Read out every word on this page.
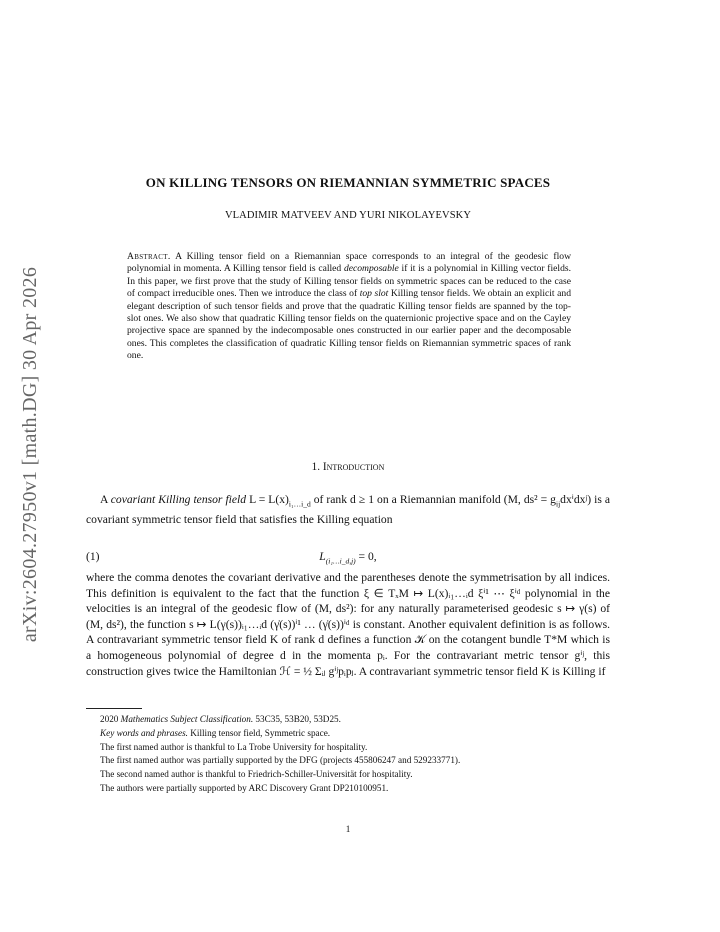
arXiv:2604.27950v1 [math.DG] 30 Apr 2026
ON KILLING TENSORS ON RIEMANNIAN SYMMETRIC SPACES
VLADIMIR MATVEEV AND YURI NIKOLAYEVSKY
Abstract. A Killing tensor field on a Riemannian space corresponds to an integral of the geodesic flow polynomial in momenta. A Killing tensor field is called decomposable if it is a polynomial in Killing vector fields. In this paper, we first prove that the study of Killing tensor fields on symmetric spaces can be reduced to the case of compact irreducible ones. Then we introduce the class of top slot Killing tensor fields. We obtain an explicit and elegant description of such tensor fields and prove that the quadratic Killing tensor fields are spanned by the top-slot ones. We also show that quadratic Killing tensor fields on the quaternionic projective space and on the Cayley projective space are spanned by the indecomposable ones constructed in our earlier paper and the decomposable ones. This completes the classification of quadratic Killing tensor fields on Riemannian symmetric spaces of rank one.
1. Introduction
A covariant Killing tensor field $L = L(x)_{i_1\dots i\_d}$ of rank d ≥ 1 on a Riemannian manifold (M, $ds^2 = g_{ij}dx^idxʲ$) is a covariant symmetric tensor field that satisfies the Killing equation
(1)	$L_{(i_1\dots i\_d,j)} = 0$,
where the comma denotes the covariant derivative and the parentheses denote the symmetrisation by all indices. This definition is equivalent to the fact that the function ξ ∈ TₓM ↦ L(x)ᵢ₁…ᵢd ξⁱ¹ ⋯ ξⁱᵈ polynomial in the velocities is an integral of the geodesic flow of (M, ds²): for any naturally parameterised geodesic s ↦ γ(s) of (M, ds²), the function s ↦ L(γ(s))ᵢ₁…ᵢd (γ̇(s))ⁱ¹ … (γ̇(s))ⁱᵈ is constant. Another equivalent definition is as follows. A contravariant symmetric tensor field K of rank d defines a function 𝒦 on the cotangent bundle T*M which is a homogeneous polynomial of degree d in the momenta pᵢ. For the contravariant metric tensor gⁱʲ, this construction gives twice the Hamiltonian ℋ = ½ Σᵢⱼ gⁱʲpᵢpⱼ. A contravariant symmetric tensor field K is Killing if
2020 Mathematics Subject Classification. 53C35, 53B20, 53D25.
Key words and phrases. Killing tensor field, Symmetric space.
The first named author is thankful to La Trobe University for hospitality.
The first named author was partially supported by the DFG (projects 455806247 and 529233771).
The second named author is thankful to Friedrich-Schiller-Universität for hospitality.
The authors were partially supported by ARC Discovery Grant DP210100951.
1
